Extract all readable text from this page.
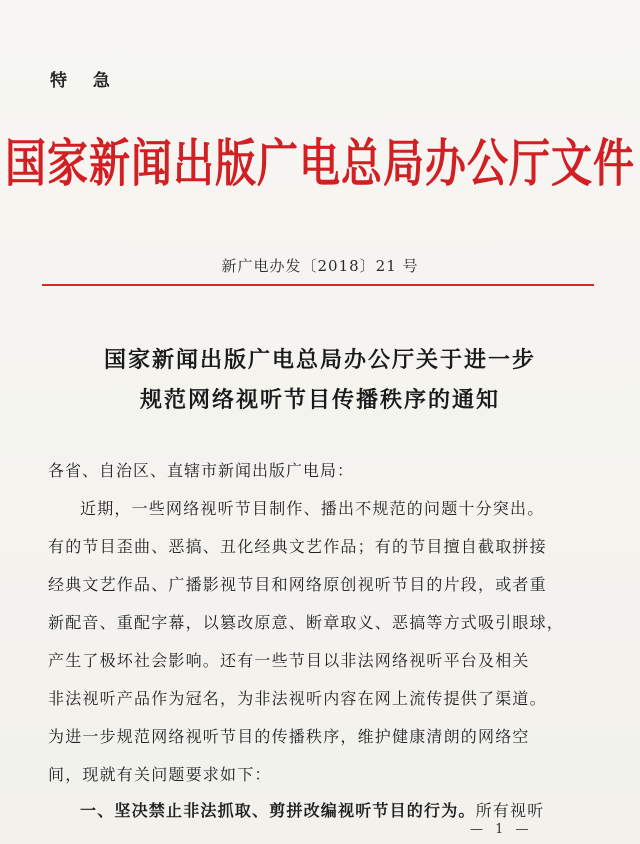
特 急
国家新闻出版广电总局办公厅文件
新广电办发〔2018〕21 号
国家新闻出版广电总局办公厅关于进一步
规范网络视听节目传播秩序的通知
各省、自治区、直辖市新闻出版广电局：
近期，一些网络视听节目制作、播出不规范的问题十分突出。
有的节目歪曲、恶搞、丑化经典文艺作品；有的节目擅自截取拼接
经典文艺作品、广播影视节目和网络原创视听节目的片段，或者重
新配音、重配字幕，以篡改原意、断章取义、恶搞等方式吸引眼球，
产生了极坏社会影响。还有一些节目以非法网络视听平台及相关
非法视听产品作为冠名，为非法视听内容在网上流传提供了渠道。
为进一步规范网络视听节目的传播秩序，维护健康清朗的网络空
间，现就有关问题要求如下：
一、坚决禁止非法抓取、剪拼改编视听节目的行为。所有视听
— 1 —
